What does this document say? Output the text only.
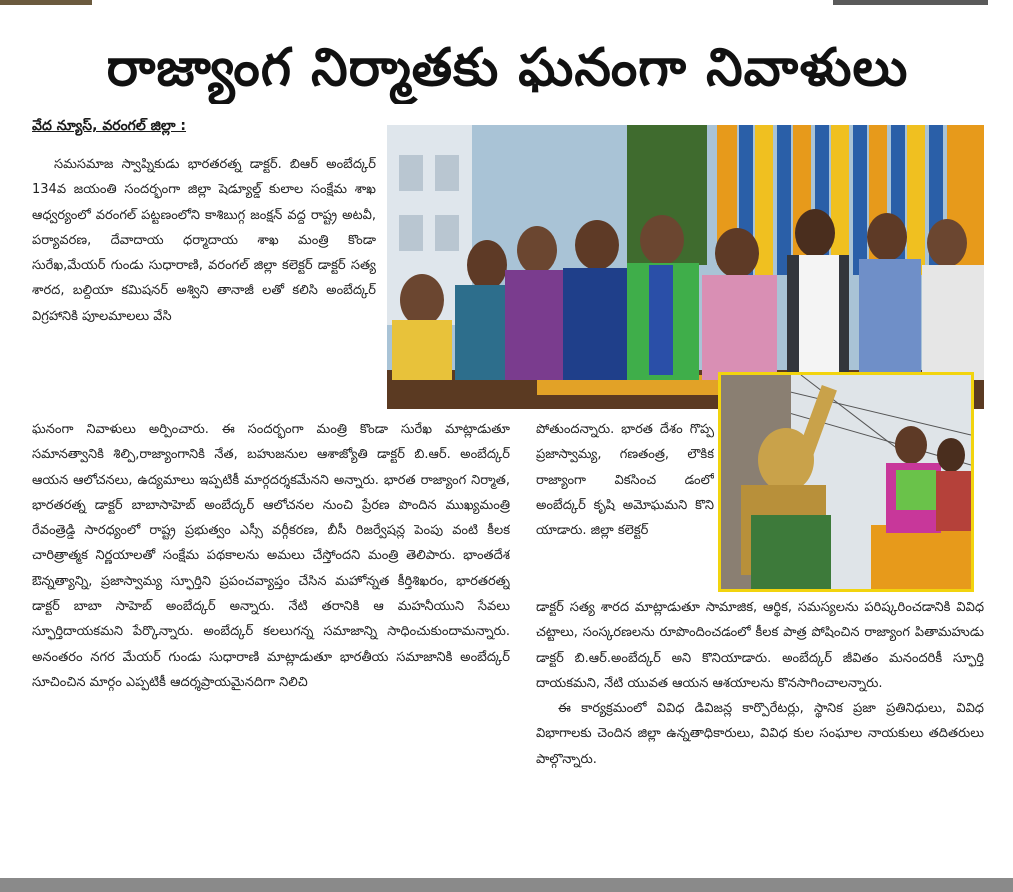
రాజ్యాంగ నిర్మాతకు ఘనంగా నివాళులు
వేద న్యూస్, వరంగల్ జిల్లా :

సమసమాజ స్వాప్నికుడు భారతరత్న డాక్టర్. బిఆర్ అంబేద్కర్ 134వ జయంతి సందర్భంగా జిల్లా షెడ్యూల్డ్ కులాల సంక్షేమ శాఖ ఆధ్వర్యంలో వరంగల్ పట్టణంలోని కాశిబుగ్గ జంక్షన్ వద్ద రాష్ట్ర అటవీ, పర్యావరణ, దేవాదాయ ధర్మాదాయ శాఖ మంత్రి కొండా సురేఖ,మేయర్ గుండు సుధారాణి, వరంగల్ జిల్లా కలెక్టర్ డాక్టర్ సత్య శారద, బల్దియా కమిషనర్ అశ్విని తానాజీ లతో కలిసి అంబేద్కర్ విగ్రహానికి పూలమాలలు వేసి

ఘనంగా నివాళులు అర్పించారు. ఈ సందర్భంగా మంత్రి కొండా సురేఖ మాట్లాడుతూ సమానత్వానికి శిల్పి,రాజ్యాంగానికి నేత, బహుజనుల ఆశాజ్యోతి డాక్టర్ బి.ఆర్. అంబేద్కర్ ఆయన ఆలోచనలు, ఉద్యమాలు ఇప్పటికీ మార్గదర్శకమేనని అన్నారు. భారత రాజ్యాంగ నిర్మాత, భారతరత్న డాక్టర్ బాబాసాహెబ్ అంబేద్కర్ ఆలోచనల నుంచి ప్రేరణ పొందిన ముఖ్యమంత్రి రేవంత్రెడ్డి సారధ్యంలో రాష్ట్ర ప్రభుత్వం ఎస్సీ వర్గీకరణ, బీసీ రిజర్వేషన్ల పెంపు వంటి కీలక చారిత్రాత్మక నిర్ణయాలతో సంక్షేమ పథకాలను అమలు చేస్తోందని మంత్రి తెలిపారు. భాంతదేశ ఔన్నత్యాన్ని, ప్రజాస్వామ్య స్ఫూర్తిని ప్రపంచవ్యాప్తం చేసిన మహోన్నత కీర్తిశిఖరం, భారతరత్న డాక్టర్ బాబా సాహెబ్ అంబేద్కర్ అన్నారు. నేటి తరానికి ఆ మహనీయుని సేవలు స్ఫూర్తిదాయకమని పేర్కొన్నారు. అంబేద్కర్ కలలుగన్న సమాజాన్ని సాధించుకుందామన్నారు. అనంతరం నగర మేయర్ గుండు సుధారాణి మాట్లాడుతూ భారతీయ సమాజానికి అంబేద్కర్ సూచించిన మార్గం ఎప్పటికీ ఆదర్శప్రాయమైనదిగా నిలిచి

పోతుందన్నారు. భారత దేశం గొప్ప ప్రజాస్వామ్య, గణతంత్ర, లౌకిక రాజ్యాంగా వికసించ డంలో అంబేద్కర్ కృషి అమోఘమని కొని యాడారు. జిల్లా కలెక్టర్

డాక్టర్ సత్య శారద మాట్లాడుతూ సామాజిక, ఆర్థిక, సమస్యలను పరిష్కరించడానికి వివిధ చట్టాలు, సంస్కరణలను రూపొందించడంలో కీలక పాత్ర పోషించిన రాజ్యాంగ పితామహుడు డాక్టర్ బి.ఆర్.అంబేద్కర్ అని కొనియాడారు. అంబేద్కర్ జీవితం మనందరికీ స్ఫూర్తి దాయకమని, నేటి యువత ఆయన ఆశయాలను కొనసాగించాలన్నారు.

ఈ కార్యక్రమంలో వివిధ డివిజన్ల కార్పొరేటర్లు, స్థానిక ప్రజా ప్రతినిధులు, వివిధ విభాగాలకు చెందిన జిల్లా ఉన్నతాధికారులు, వివిధ కుల సంఘాల నాయకులు తదితరులు పాల్గొన్నారు.
